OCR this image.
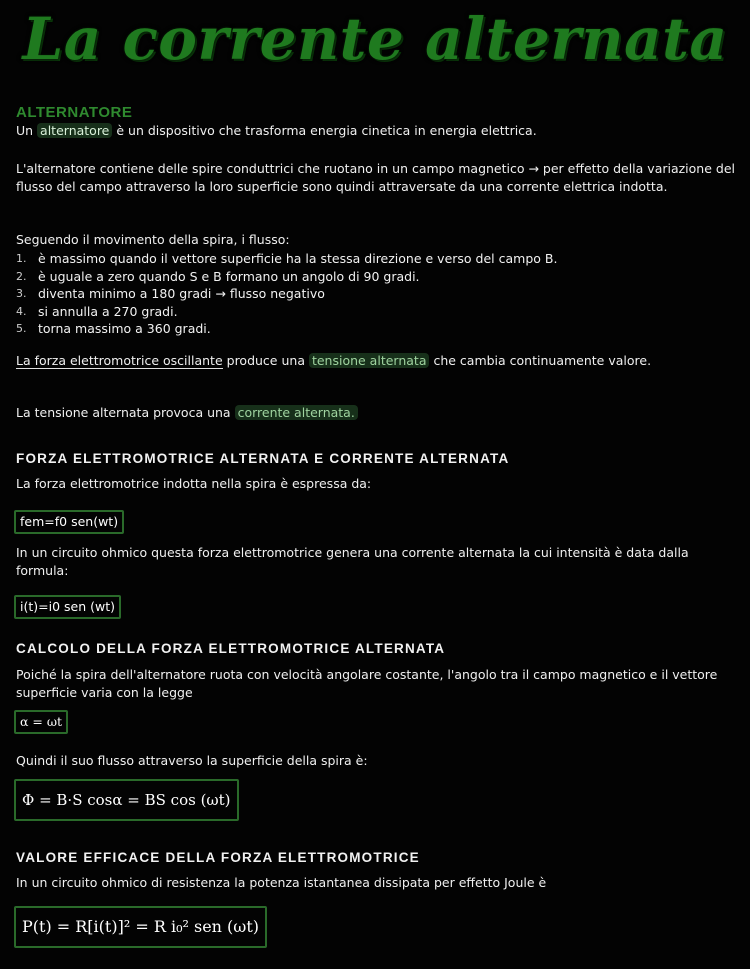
La corrente alternata
ALTERNATORE
Un alternatore è un dispositivo che trasforma energia cinetica in energia elettrica.
L'alternatore contiene delle spire conduttrici che ruotano in un campo magnetico → per effetto della variazione del flusso del campo attraverso la loro superficie sono quindi attraversate da una corrente elettrica indotta.
Seguendo il movimento della spira, i flusso:
1. è massimo quando il vettore superficie ha la stessa direzione e verso del campo B.
2. è uguale a zero quando S e B formano un angolo di 90 gradi.
3. diventa minimo a 180 gradi → flusso negativo
4. si annulla a 270 gradi.
5. torna massimo a 360 gradi.
La forza elettromotrice oscillante produce una tensione alternata che cambia continuamente valore.
La tensione alternata provoca una corrente alternata.
FORZA ELETTROMOTRICE ALTERNATA E CORRENTE ALTERNATA
La forza elettromotrice indotta nella spira è espressa da:
fem=f0 sen(wt)
In un circuito ohmico questa forza elettromotrice genera una corrente alternata la cui intensità è data dalla formula:
i(t)=i0 sen (wt)
CALCOLO DELLA FORZA ELETTROMOTRICE ALTERNATA
Poiché la spira dell'alternatore ruota con velocità angolare costante, l'angolo tra il campo magnetico e il vettore superficie varia con la legge
α = ωt
Quindi il suo flusso attraverso la superficie della spira è:
Φ = B·S cosα = BS cos (ωt)
VALORE EFFICACE DELLA FORZA ELETTROMOTRICE
In un circuito ohmico di resistenza la potenza istantanea dissipata per effetto Joule è
P(t) = R[i(t)]² = R i₀² sen (ωt)
